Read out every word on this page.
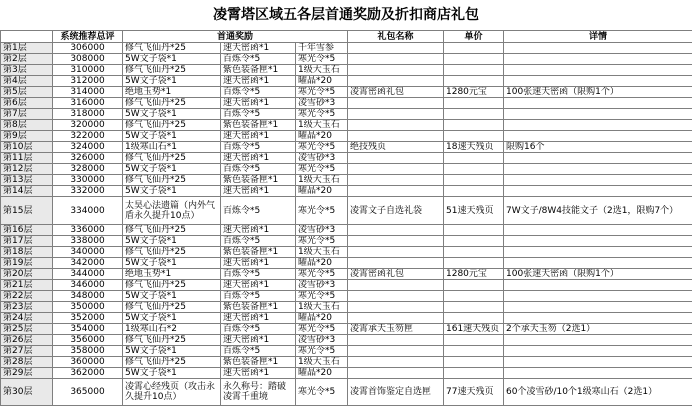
凌霄塔区域五各层首通奖励及折扣商店礼包
	系统推荐总评	首通奖励			礼包名称	单价	详情
第1层	306000	修气飞仙丹*25	速天密函*1	千年雪参			
第2层	308000	5W文子袋*1	百炼令*5	寒光令*5			
第3层	310000	修气飞仙丹*25	紫色装备匣*1	1级大玉石			
第4层	312000	5W文子袋*1	速天密函*1	曜晶*20			
第5层	314000	绝地玉势*1	百炼令*5	寒光令*5	凌霄密函礼包	1280元宝	100张速天密函（限购1个）
第6层	316000	修气飞仙丹*25	速天密函*1	凌雪砂*3			
第7层	318000	5W文子袋*1	百炼令*5	寒光令*5			
第8层	320000	修气飞仙丹*25	紫色装备匣*1	1级大玉石			
第9层	322000	5W文子袋*1	速天密函*1	曜晶*20			
第10层	324000	1级寒山石*1	百炼令*5	寒光令*5	绝技残页	18速天残页	限购16个
第11层	326000	修气飞仙丹*25	速天密函*1	凌雪砂*3			
第12层	328000	5W文子袋*1	百炼令*5	寒光令*5			
第13层	330000	修气飞仙丹*25	紫色装备匣*1	1级大玉石			
第14层	332000	5W文子袋*1	速天密函*1	曜晶*20			
第15层	334000	太昊心法遗篇（内外气盾永久提升10点）	百炼令*5	寒光令*5	凌霄文子自选礼袋	51速天残页	7W文子/8W4技能文子（2选1，限购7个）
第16层	336000	修气飞仙丹*25	速天密函*1	凌雪砂*3			
第17层	338000	5W文子袋*1	百炼令*5	寒光令*5			
第18层	340000	修气飞仙丹*25	紫色装备匣*1	1级大玉石			
第19层	342000	5W文子袋*1	速天密函*1	曜晶*20			
第20层	344000	绝地玉势*1	百炼令*5	寒光令*5	凌霄密函礼包	1280元宝	100张速天密函（限购1个）
第21层	346000	修气飞仙丹*25	速天密函*1	凌雪砂*3			
第22层	348000	5W文子袋*1	百炼令*5	寒光令*5			
第23层	350000	修气飞仙丹*25	紫色装备匣*1	1级大玉石			
第24层	352000	5W文子袋*1	速天密函*1	曜晶*20			
第25层	354000	1级寒山石*2	百炼令*5	寒光令*5	凌霄承天玉笏匣	161速天残页	2个承天玉笏（2选1）
第26层	356000	修气飞仙丹*25	速天密函*1	凌雪砂*3			
第27层	358000	5W文子袋*1	百炼令*5	寒光令*5			
第28层	360000	修气飞仙丹*25	紫色装备匣*1	1级大玉石			
第29层	362000	5W文子袋*1	速天密函*1	曜晶*20			
第30层	365000	凌霄心经残页（攻击永久提升10点）	永久称号：踏破凌霄千重境	寒光令*5	凌霄首饰鉴定自选匣	77速天残页	60个凌雪砂/10个1级寒山石（2选1）
